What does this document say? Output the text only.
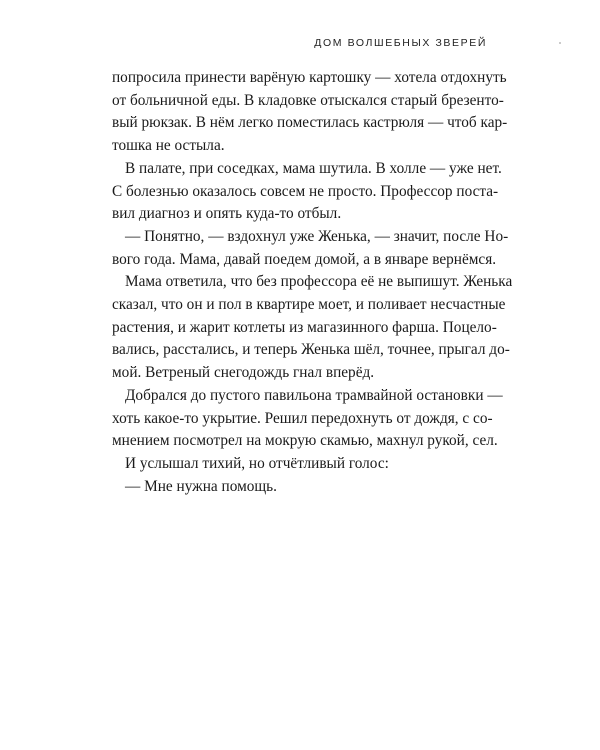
ДОМ ВОЛШЕБНЫХ ЗВЕРЕЙ
попросила принести варёную картошку — хотела отдохнуть
от больничной еды. В кладовке отыскался старый брезенто-
вый рюкзак. В нём легко поместилась кастрюля — чтоб кар-
тошка не остыла.
В палате, при соседках, мама шутила. В холле — уже нет.
С болезнью оказалось совсем не просто. Профессор поста-
вил диагноз и опять куда-то отбыл.
— Понятно, — вздохнул уже Женька, — значит, после Но-
вого года. Мама, давай поедем домой, а в январе вернёмся.
Мама ответила, что без профессора её не выпишут. Женька
сказал, что он и пол в квартире моет, и поливает несчастные
растения, и жарит котлеты из магазинного фарша. Поцело-
вались, расстались, и теперь Женька шёл, точнее, прыгал до-
мой. Ветреный снегодождь гнал вперёд.
Добрался до пустого павильона трамвайной остановки —
хоть какое-то укрытие. Решил передохнуть от дождя, с со-
мнением посмотрел на мокрую скамью, махнул рукой, сел.
И услышал тихий, но отчётливый голос:
— Мне нужна помощь.
